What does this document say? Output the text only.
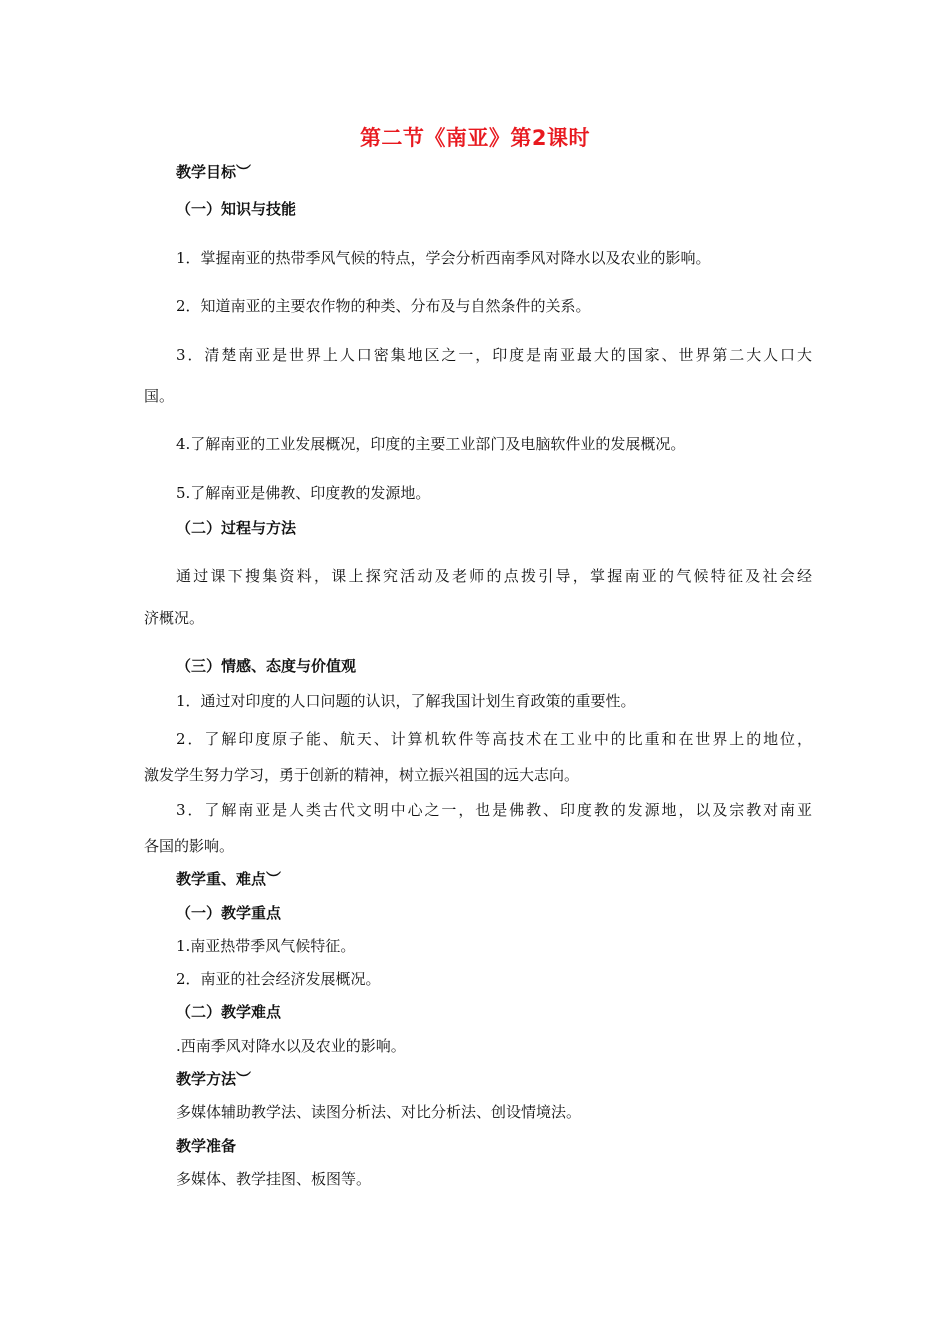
第二节《南亚》第2课时
教学目标︶
（一）知识与技能
1．掌握南亚的热带季风气候的特点，学会分析西南季风对降水以及农业的影响。
2．知道南亚的主要农作物的种类、分布及与自然条件的关系。
3．清楚南亚是世界上人口密集地区之一，印度是南亚最大的国家、世界第二大人口大
国。
4.了解南亚的工业发展概况，印度的主要工业部门及电脑软件业的发展概况。
5.了解南亚是佛教、印度教的发源地。
（二）过程与方法
通过课下搜集资料，课上探究活动及老师的点拨引导，掌握南亚的气候特征及社会经
济概况。
（三）情感、态度与价值观
1．通过对印度的人口问题的认识，了解我国计划生育政策的重要性。
2．了解印度原子能、航天、计算机软件等高技术在工业中的比重和在世界上的地位，
激发学生努力学习，勇于创新的精神，树立振兴祖国的远大志向。
3．了解南亚是人类古代文明中心之一，也是佛教、印度教的发源地，以及宗教对南亚
各国的影响。
教学重、难点︶
（一）教学重点
1.南亚热带季风气候特征。
2．南亚的社会经济发展概况。
（二）教学难点
.西南季风对降水以及农业的影响。
教学方法︶
多媒体辅助教学法、读图分析法、对比分析法、创设情境法。
教学准备
多媒体、教学挂图、板图等。
